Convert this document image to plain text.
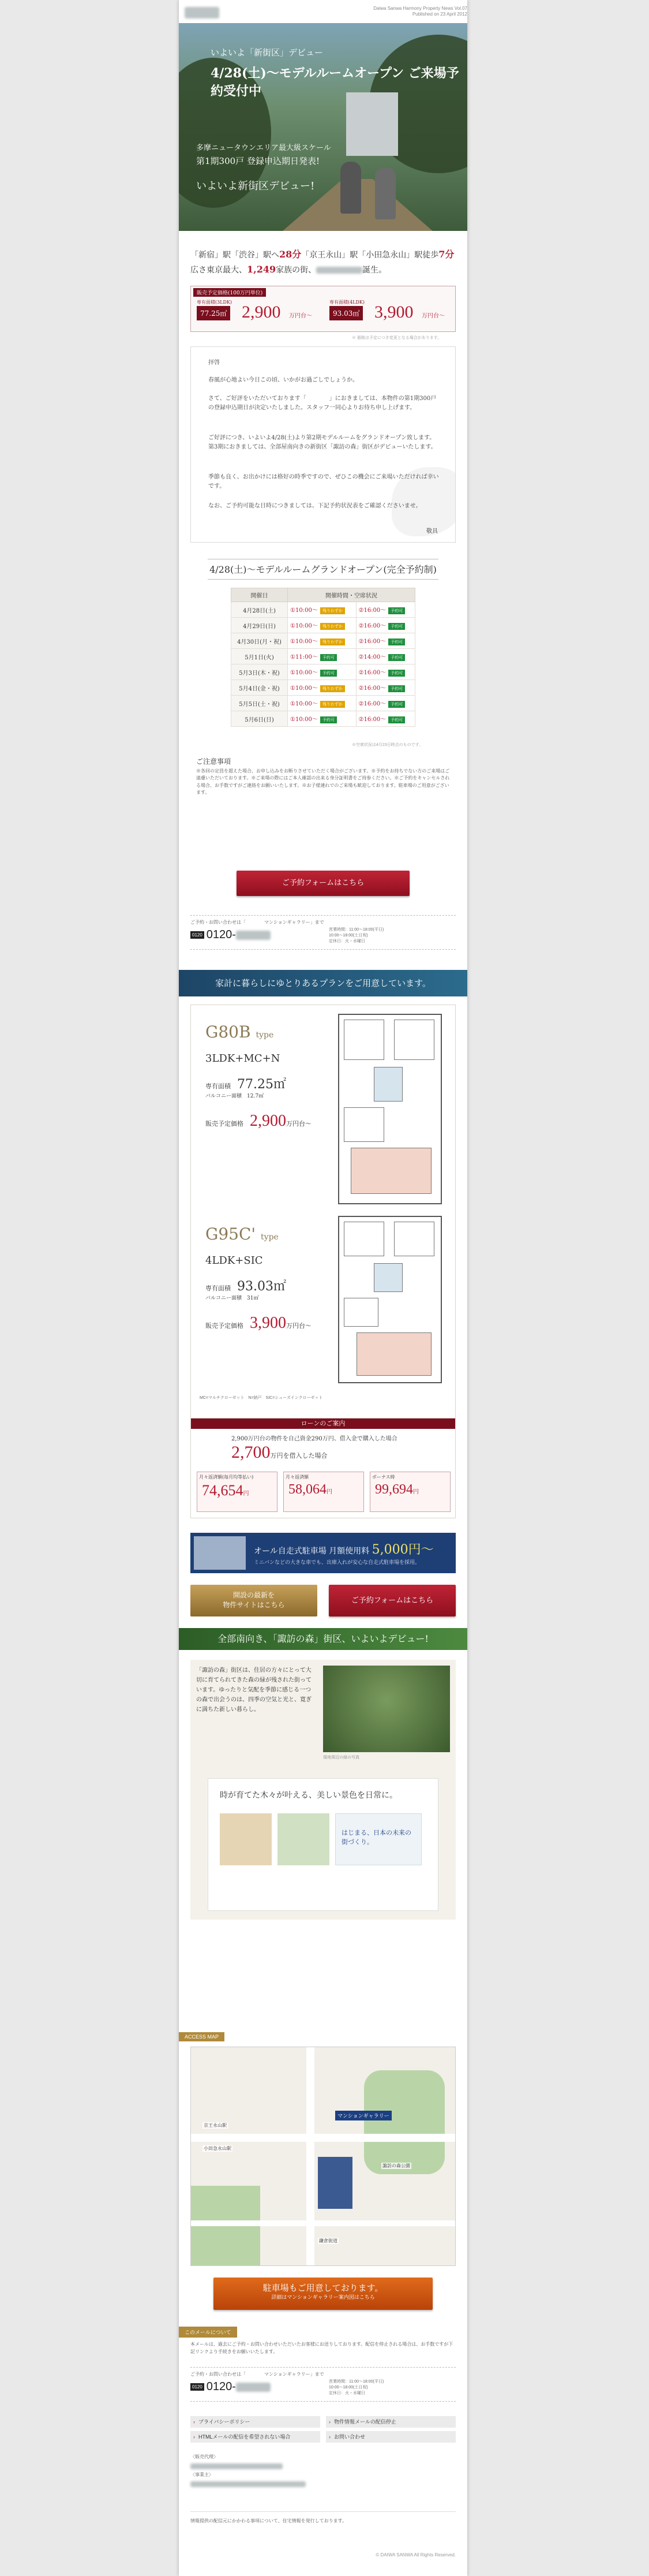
Daiwa Sanwa Harmony Property News Vol.07
Published on 23 April 2012
いよいよ「新街区」デビュー
4/28(土)〜モデルルームオープン ご来場予約受付中
多摩ニュータウンエリア最大級スケール
第1期300戸 登録申込期日発表!
いよいよ新街区デビュー!
「新宿」駅「渋谷」駅へ28分「京王永山」駅「小田急永山」駅徒歩7分
広さ東京最大、1,249家族の街、	誕生。
販売予定価格(100万円単位)
専有面積(3LDK)
77.25㎡ 2,900 万円台〜
専有面積(4LDK)
93.03㎡ 3,900 万円台〜
※ 価格は予定につき変更となる場合があります。

拝啓

春風が心地よい今日この頃、いかがお過ごしでしょうか。

さて、ご好評をいただいております「　　　　」におきましては、本物件の第1期300戸の登録申込期日が決定いたしました。スタッフ一同心よりお待ち申し上げます。

ご好評につき、いよいよ4/28(土)より第2期モデルルームをグランドオープン致します。第3期におきましては、全部屋南向きの新街区「諏訪の森」街区がデビューいたします。

季節も良く、お出かけには格好の時季ですので、ぜひこの機会にご来場いただければ幸いです。

なお、ご予約可能な日時につきましては、下記予約状況表をご確認くださいませ。

敬具
4/28(土)〜モデルルームグランドオープン(完全予約制)
開催日	開催時間・空席状況	
4月28日(土)	①10:00〜 残りわずか	②16:00〜 予約可
4月29日(日)	①10:00〜 残りわずか	②16:00〜 予約可
4月30日(月・祝)	①10:00〜 残りわずか	②16:00〜 予約可
5月1日(火)	①11:00〜 予約可	②14:00〜 予約可
5月3日(木・祝)	①10:00〜 予約可	②16:00〜 予約可
5月4日(金・祝)	①10:00〜 残りわずか	②16:00〜 予約可
5月5日(土・祝)	①10:00〜 残りわずか	②16:00〜 予約可
5月6日(日)	①10:00〜 予約可	②16:00〜 予約可
※空席状況は4月23日時点のものです。
ご注意事項
※各回の定員を超えた場合、お申し込みをお断りさせていただく場合がございます。※予約をお持ちでない方のご来場はご遠慮いただいております。※ご来場の際にはご本人確認の出来る身分証明書をご持参ください。※ご予約をキャンセルされる場合、お手数ですがご連絡をお願いいたします。※お子様連れでのご来場も歓迎しております。駐車場のご用意がございます。
ご予約フォームはこちら
ご予約・お問い合わせは「　　　　マンションギャラリー」まで
0120 0120-	営業時間：11:00〜18:00(平日)
10:00〜18:00(土日祝)
定休日：火・水曜日
家計に暮らしにゆとりあるプランをご用意しています。
G80B type
3LDK+MC+N
専有面積　 77.25㎡
バルコニー面積　 12.7㎡
販売予定価格　 2,900万円台〜
G95C' type
4LDK+SIC
専有面積　 93.03㎡
バルコニー面積　 31㎡
販売予定価格　 3,900万円台〜
MC=マルチクローゼット　N=納戸　SIC=シューズインクローゼット
ローンのご案内
2,900万円台の物件を自己資金290万円、借入金で購入した場合
2,700万円を借入した場合
月々返済額(毎月均等払い)
74,654円
月々返済額
58,064円
ボーナス時
99,694円
オール自走式駐車場 月額使用料 5,000円〜
ミニバンなどの大きな車でも、出庫入れが安心な自走式駐車場を採用。
開設の最新を
物件サイトはこちら	ご予約フォームはこちら
全部南向き、「諏訪の森」街区、いよいよデビュー!
「諏訪の森」街区は、住居の方々にとって大切に育てられてきた森の緑が残された街っています。ゆったりと気配を季節に感じる一つの森で出会うのは、四季の空気と光と、寛ぎに満ちた新しい暮らし。
現地周辺の緑の写真
時が育てた木々が叶える、美しい景色を日常に。
はじまる、日本の未来の街づくり。
ACCESS MAP
京王永山駅
小田急永山駅
マンションギャラリー
諏訪の森公園
鎌倉街道
駐車場もご用意しております。
詳細はマンションギャラリー案内図はこちら
このメールについて
本メールは、過去にご予約・お問い合わせいただいたお客様にお送りしております。配信を停止される場合は、お手数ですが下記リンクより手続きをお願いいたします。
ご予約・お問い合わせは「　　　　マンションギャラリー」まで
0120 0120-	営業時間：11:00〜18:00(平日)
10:00〜18:00(土日祝)
定休日：火・水曜日
› プライバシーポリシー	› 物件情報メールの配信停止
› HTMLメールの配信を希望されない場合	› お問い合わせ
〈販売代理〉
〈事業主〉
情報提供の配信元にかかわる事項について、住宅情報を発行しております。
© DAIWA SANWA All Rights Reserved.
